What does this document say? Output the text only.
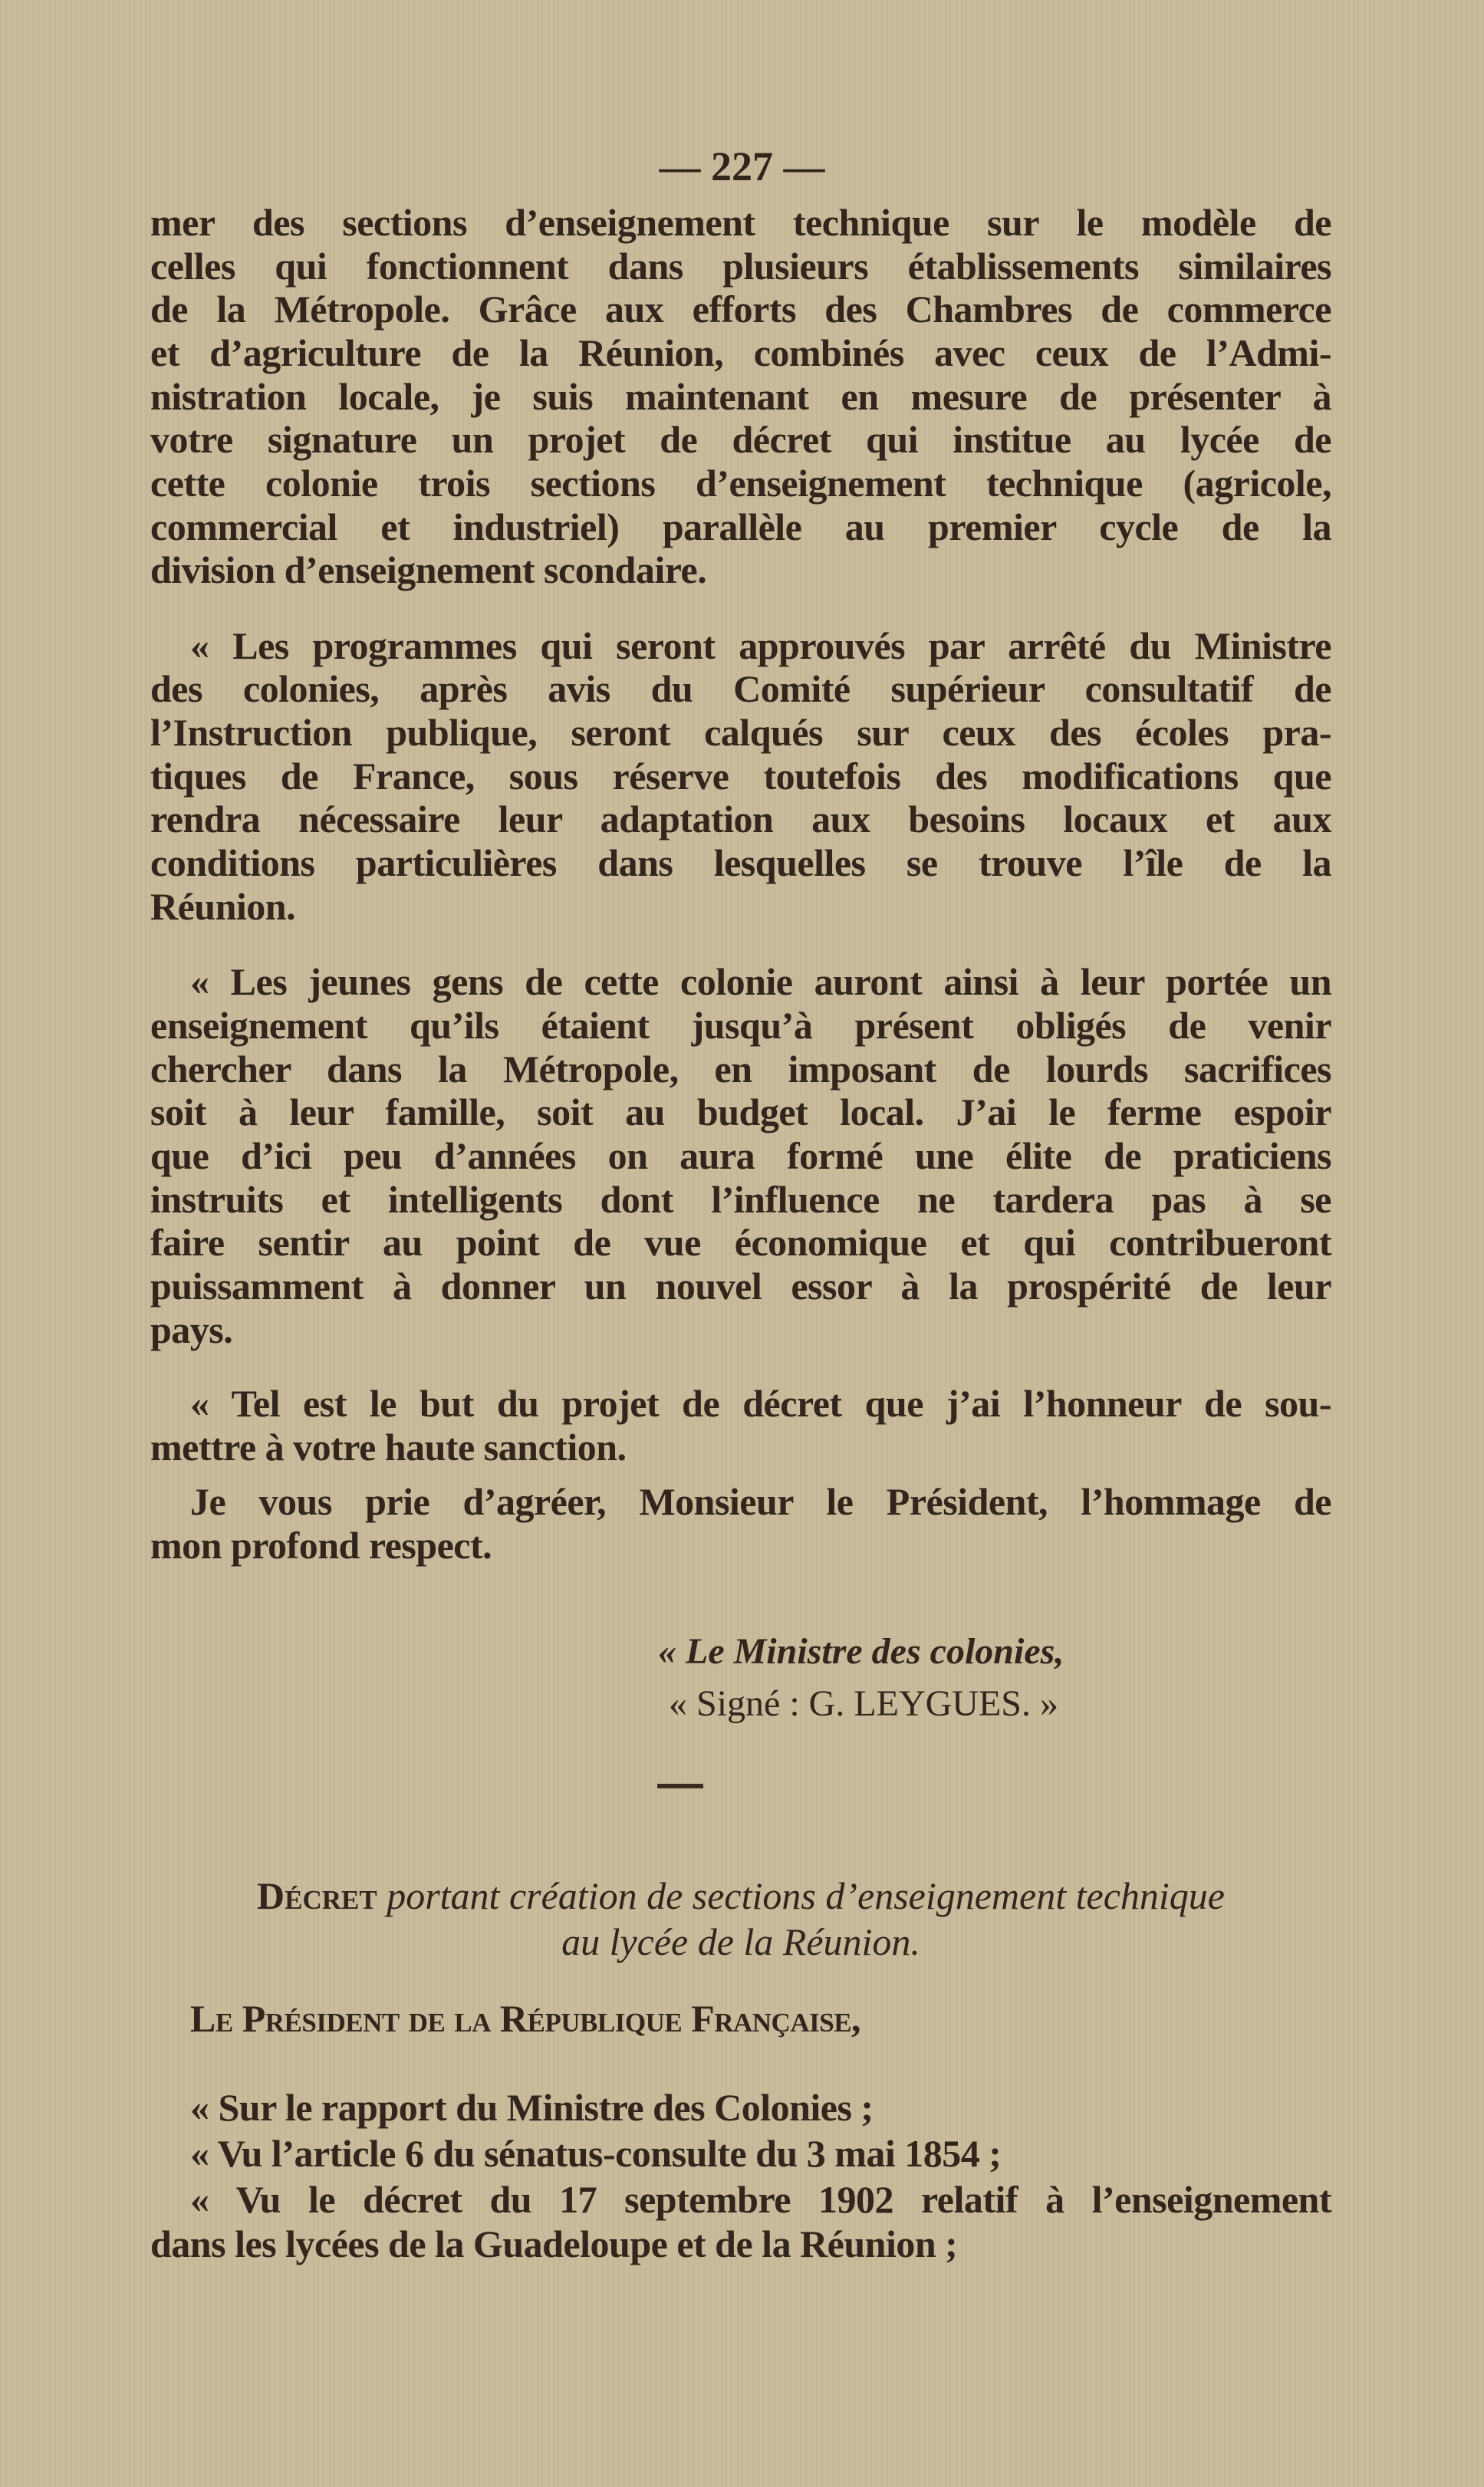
— 227 —
mer des sections d’enseignement technique sur le modèle de
celles qui fonctionnent dans plusieurs établissements similaires
de la Métropole. Grâce aux efforts des Chambres de commerce
et d’agriculture de la Réunion, combinés avec ceux de l’Admi-
nistration locale, je suis maintenant en mesure de présenter à
votre signature un projet de décret qui institue au lycée de
cette colonie trois sections d’enseignement technique (agricole,
commercial et industriel) parallèle au premier cycle de la
division d’enseignement scondaire.
« Les programmes qui seront approuvés par arrêté du Ministre
des colonies, après avis du Comité supérieur consultatif de
l’Instruction publique, seront calqués sur ceux des écoles pra-
tiques de France, sous réserve toutefois des modifications que
rendra nécessaire leur adaptation aux besoins locaux et aux
conditions particulières dans lesquelles se trouve l’île de la
Réunion.
« Les jeunes gens de cette colonie auront ainsi à leur portée un
enseignement qu’ils étaient jusqu’à présent obligés de venir
chercher dans la Métropole, en imposant de lourds sacrifices
soit à leur famille, soit au budget local. J’ai le ferme espoir
que d’ici peu d’années on aura formé une élite de praticiens
instruits et intelligents dont l’influence ne tardera pas à se
faire sentir au point de vue économique et qui contribueront
puissamment à donner un nouvel essor à la prospérité de leur
pays.
« Tel est le but du projet de décret que j’ai l’honneur de sou-
mettre à votre haute sanction.
Je vous prie d’agréer, Monsieur le Président, l’hommage de
mon profond respect.
« Le Ministre des colonies,
« Signé : G. LEYGUES. »
Décret portant création de sections d’enseignement technique
au lycée de la Réunion.
Le Président de la République Française,
« Sur le rapport du Ministre des Colonies ;
« Vu l’article 6 du sénatus-consulte du 3 mai 1854 ;
« Vu le décret du 17 septembre 1902 relatif à l’enseignement
dans les lycées de la Guadeloupe et de la Réunion ;
